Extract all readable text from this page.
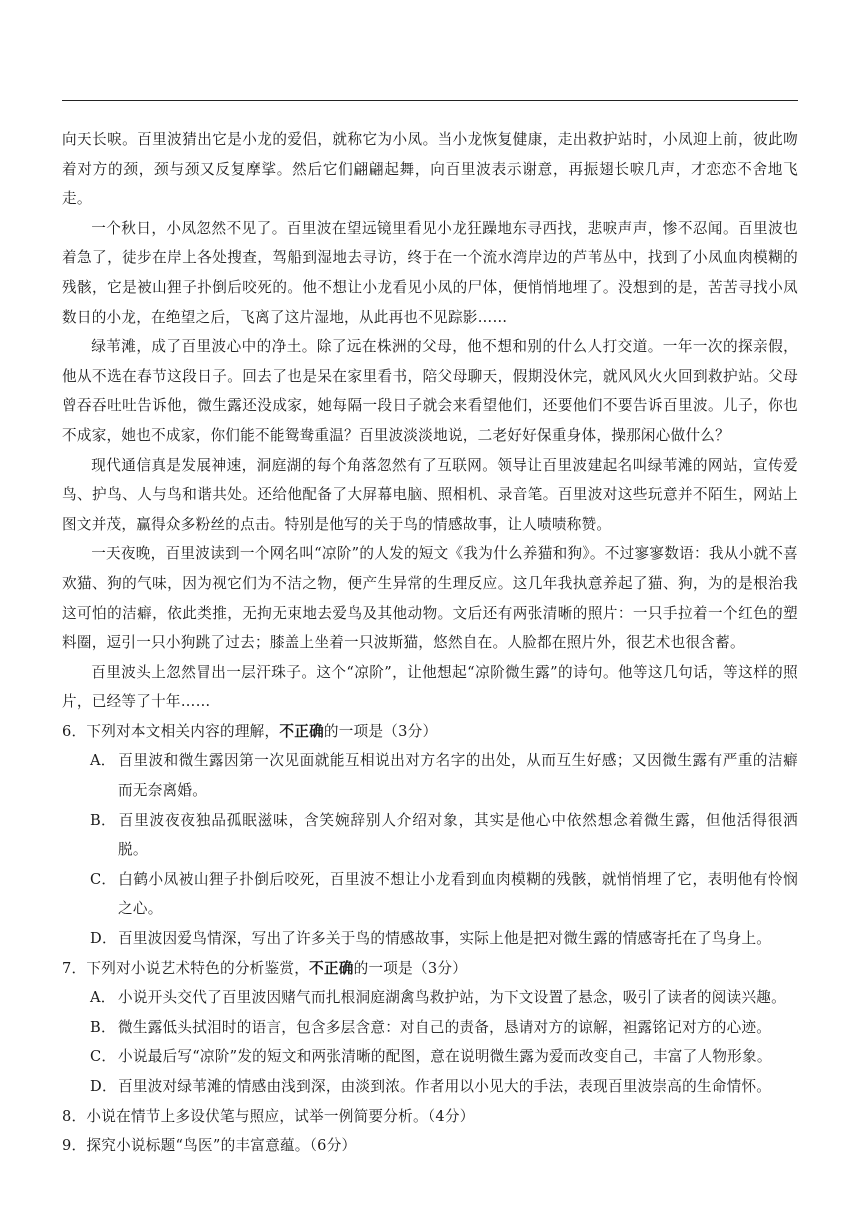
向天长唳。百里波猜出它是小龙的爱侣，就称它为小凤。当小龙恢复健康，走出救护站时，小凤迎上前，彼此吻着对方的颈，颈与颈又反复摩挲。然后它们翩翩起舞，向百里波表示谢意，再振翅长唳几声，才恋恋不舍地飞走。

一个秋日，小凤忽然不见了。百里波在望远镜里看见小龙狂躁地东寻西找，悲唳声声，惨不忍闻。百里波也着急了，徒步在岸上各处搜查，驾船到湿地去寻访，终于在一个流水湾岸边的芦苇丛中，找到了小凤血肉模糊的残骸，它是被山狸子扑倒后咬死的。他不想让小龙看见小凤的尸体，便悄悄地埋了。没想到的是，苦苦寻找小凤数日的小龙，在绝望之后，飞离了这片湿地，从此再也不见踪影……

绿苇滩，成了百里波心中的净土。除了远在株洲的父母，他不想和别的什么人打交道。一年一次的探亲假，他从不选在春节这段日子。回去了也是呆在家里看书，陪父母聊天，假期没休完，就风风火火回到救护站。父母曾吞吞吐吐告诉他，微生露还没成家，她每隔一段日子就会来看望他们，还要他们不要告诉百里波。儿子，你也不成家，她也不成家，你们能不能鸳鸯重温？百里波淡淡地说，二老好好保重身体，操那闲心做什么？

现代通信真是发展神速，洞庭湖的每个角落忽然有了互联网。领导让百里波建起名叫绿苇滩的网站，宣传爱鸟、护鸟、人与鸟和谐共处。还给他配备了大屏幕电脑、照相机、录音笔。百里波对这些玩意并不陌生，网站上图文并茂，赢得众多粉丝的点击。特别是他写的关于鸟的情感故事，让人啧啧称赞。

一天夜晚，百里波读到一个网名叫“凉阶”的人发的短文《我为什么养猫和狗》。不过寥寥数语：我从小就不喜欢猫、狗的气味，因为视它们为不洁之物，便产生异常的生理反应。这几年我执意养起了猫、狗，为的是根治我这可怕的洁癖，依此类推，无拘无束地去爱鸟及其他动物。文后还有两张清晰的照片：一只手拉着一个红色的塑料圈，逗引一只小狗跳了过去；膝盖上坐着一只波斯猫，悠然自在。人脸都在照片外，很艺术也很含蓄。

百里波头上忽然冒出一层汗珠子。这个“凉阶”，让他想起“凉阶微生露”的诗句。他等这几句话，等这样的照片，已经等了十年……

6．下列对本文相关内容的理解，不正确的一项是（3分）

A． 百里波和微生露因第一次见面就能互相说出对方名字的出处，从而互生好感；又因微生露有严重的洁癖而无奈离婚。

B． 百里波夜夜独品孤眠滋味，含笑婉辞别人介绍对象，其实是他心中依然想念着微生露，但他活得很洒脱。

C． 白鹤小凤被山狸子扑倒后咬死，百里波不想让小龙看到血肉模糊的残骸，就悄悄埋了它，表明他有怜悯之心。

D．百里波因爱鸟情深，写出了许多关于鸟的情感故事，实际上他是把对微生露的情感寄托在了鸟身上。

7．下列对小说艺术特色的分析鉴赏，不正确的一项是（3分）

A． 小说开头交代了百里波因赌气而扎根洞庭湖禽鸟救护站，为下文设置了悬念，吸引了读者的阅读兴趣。

B． 微生露低头拭泪时的语言，包含多层含意：对自己的责备，恳请对方的谅解，袒露铭记对方的心迹。

C． 小说最后写“凉阶”发的短文和两张清晰的配图，意在说明微生露为爱而改变自己，丰富了人物形象。

D．百里波对绿苇滩的情感由浅到深，由淡到浓。作者用以小见大的手法，表现百里波崇高的生命情怀。

8．小说在情节上多设伏笔与照应，试举一例简要分析。（4分）

9．探究小说标题“鸟医”的丰富意蕴。（6分）
